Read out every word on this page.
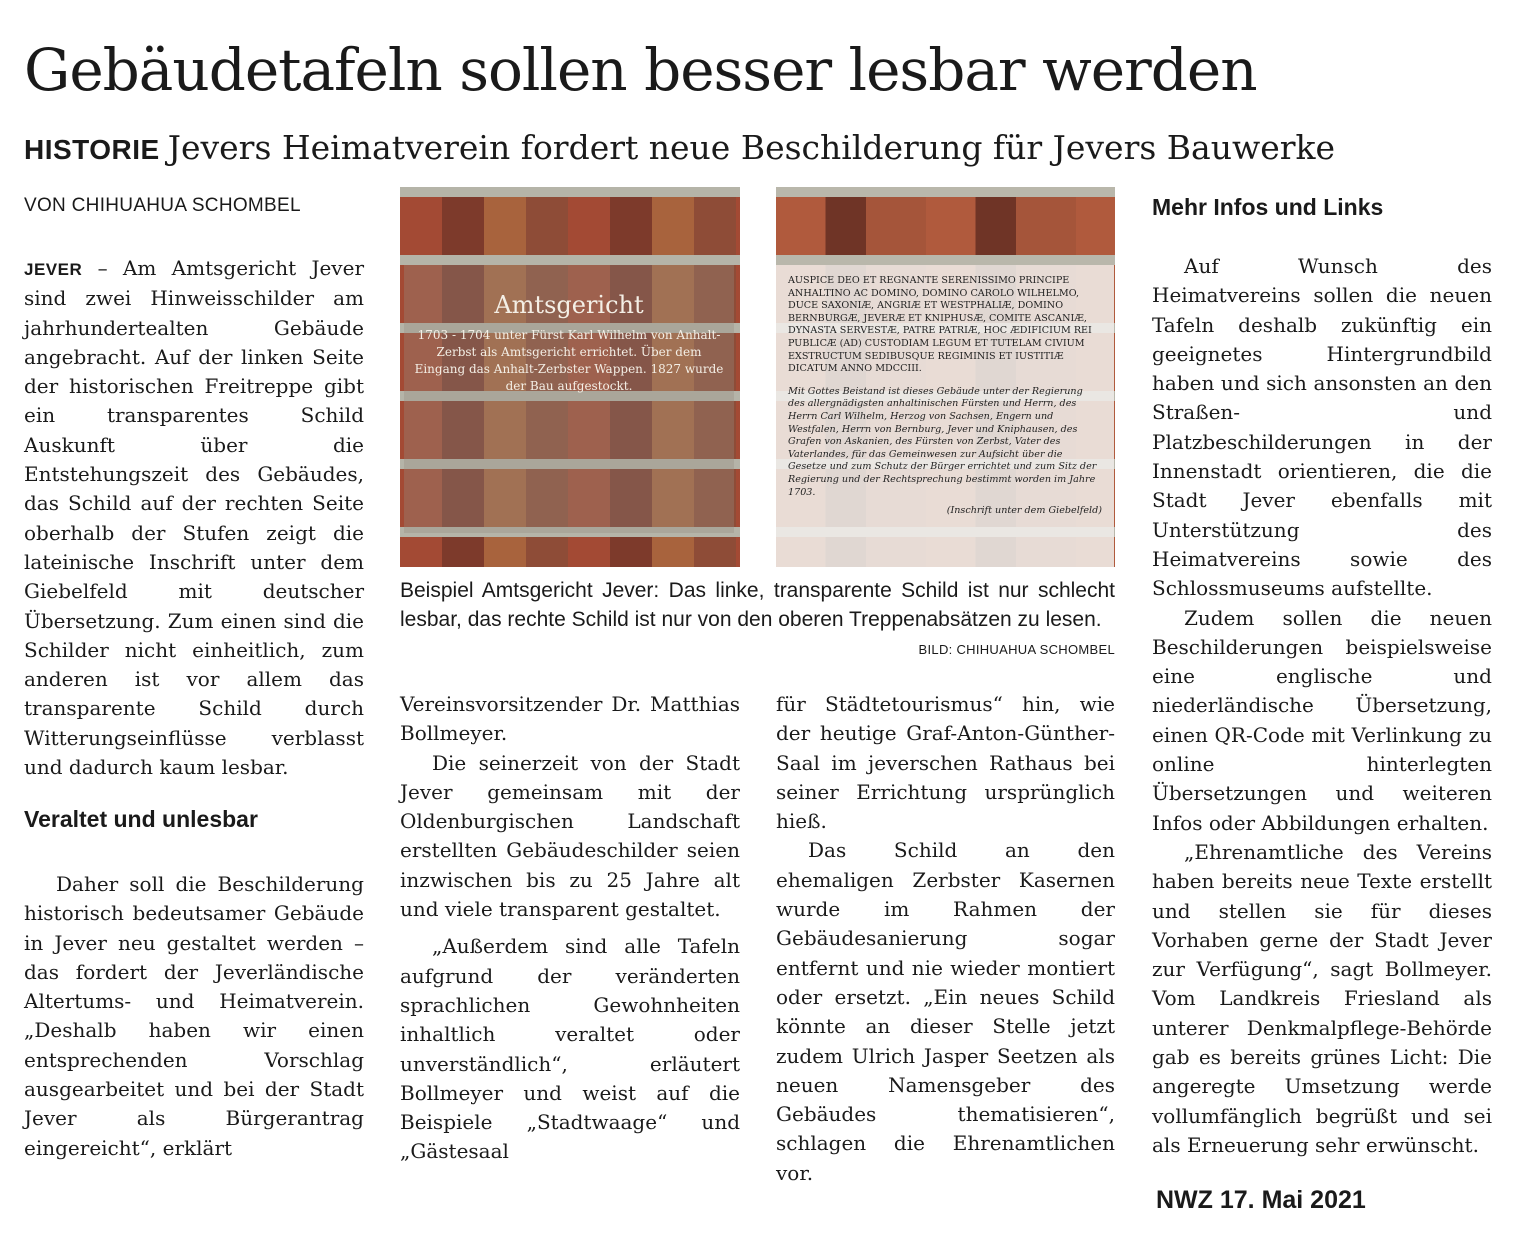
Gebäudetafeln sollen besser lesbar werden
HISTORIE Jevers Heimatverein fordert neue Beschilderung für Jevers Bauwerke
VON CHIHUAHUA SCHOMBEL

JEVER – Am Amtsgericht Jever sind zwei Hinweisschilder am jahrhundertealten Gebäude angebracht. Auf der linken Seite der historischen Freitreppe gibt ein transparentes Schild Auskunft über die Entstehungszeit des Gebäudes, das Schild auf der rechten Seite oberhalb der Stufen zeigt die lateinische Inschrift unter dem Giebelfeld mit deutscher Übersetzung. Zum einen sind die Schilder nicht einheitlich, zum anderen ist vor allem das transparente Schild durch Witterungseinflüsse verblasst und dadurch kaum lesbar.

Veraltet und unlesbar

Daher soll die Beschilderung historisch bedeutsamer Gebäude in Jever neu gestaltet werden – das fordert der Jeverländische Altertums- und Heimatverein. „Deshalb haben wir einen entsprechenden Vorschlag ausgearbeitet und bei der Stadt Jever als Bürgerantrag eingereicht“, erklärt

Amtsgericht
1703 - 1704 unter Fürst Karl Wilhelm von Anhalt-Zerbst als Amtsgericht errichtet. Über dem Eingang das Anhalt-Zerbster Wappen. 1827 wurde der Bau aufgestockt.
AUSPICE DEO ET REGNANTE SERENISSIMO PRINCIPE ANHALTINO AC DOMINO, DOMINO CAROLO WILHELMO, DUCE SAXONIÆ, ANGRIÆ ET WESTPHALIÆ, DOMINO BERNBURGÆ, JEVERÆ ET KNIPHUSÆ, COMITE ASCANIÆ, DYNASTA SERVESTÆ, PATRE PATRIÆ, HOC ÆDIFICIUM REI PUBLICÆ (AD) CUSTODIAM LEGUM ET TUTELAM CIVIUM EXSTRUCTUM SEDIBUSQUE REGIMINIS ET IUSTITIÆ DICATUM ANNO MDCCIII.
Mit Gottes Beistand ist dieses Gebäude unter der Regierung des allergnädigsten anhaltinischen Fürsten und Herrn, des Herrn Carl Wilhelm, Herzog von Sachsen, Engern und Westfalen, Herrn von Bernburg, Jever und Kniphausen, des Grafen von Askanien, des Fürsten von Zerbst, Vater des Vaterlandes, für das Gemeinwesen zur Aufsicht über die Gesetze und zum Schutz der Bürger errichtet und zum Sitz der Regierung und der Rechtsprechung bestimmt worden im Jahre 1703.
(Inschrift unter dem Giebelfeld)
Beispiel Amtsgericht Jever: Das linke, transparente Schild ist nur schlecht lesbar, das rechte Schild ist nur von den oberen Treppenabsätzen zu lesen.
BILD: CHIHUAHUA SCHOMBEL

Vereinsvorsitzender Dr. Matthias Bollmeyer.

Die seinerzeit von der Stadt Jever gemeinsam mit der Oldenburgischen Landschaft erstellten Gebäudeschilder seien inzwischen bis zu 25 Jahre alt und viele transparent gestaltet.

„Außerdem sind alle Tafeln aufgrund der veränderten sprachlichen Gewohnheiten inhaltlich veraltet oder unverständlich“, erläutert Bollmeyer und weist auf die Beispiele „Stadtwaage“ und „Gästesaal

für Städtetourismus“ hin, wie der heutige Graf-Anton-Günther-Saal im jeverschen Rathaus bei seiner Errichtung ursprünglich hieß.

Das Schild an den ehemaligen Zerbster Kasernen wurde im Rahmen der Gebäudesanierung sogar entfernt und nie wieder montiert oder ersetzt. „Ein neues Schild könnte an dieser Stelle jetzt zudem Ulrich Jasper Seetzen als neuen Namensgeber des Gebäudes thematisieren“, schlagen die Ehrenamtlichen vor.

Mehr Infos und Links

Auf Wunsch des Heimatvereins sollen die neuen Tafeln deshalb zukünftig ein geeignetes Hintergrundbild haben und sich ansonsten an den Straßen- und Platzbeschilderungen in der Innenstadt orientieren, die die Stadt Jever ebenfalls mit Unterstützung des Heimatvereins sowie des Schlossmuseums aufstellte.

Zudem sollen die neuen Beschilderungen beispielsweise eine englische und niederländische Übersetzung, einen QR-Code mit Verlinkung zu online hinterlegten Übersetzungen und weiteren Infos oder Abbildungen erhalten.

„Ehrenamtliche des Vereins haben bereits neue Texte erstellt und stellen sie für dieses Vorhaben gerne der Stadt Jever zur Verfügung“, sagt Bollmeyer. Vom Landkreis Friesland als unterer Denkmalpflege-Behörde gab es bereits grünes Licht: Die angeregte Umsetzung werde vollumfänglich begrüßt und sei als Erneuerung sehr erwünscht.

NWZ 17. Mai 2021
